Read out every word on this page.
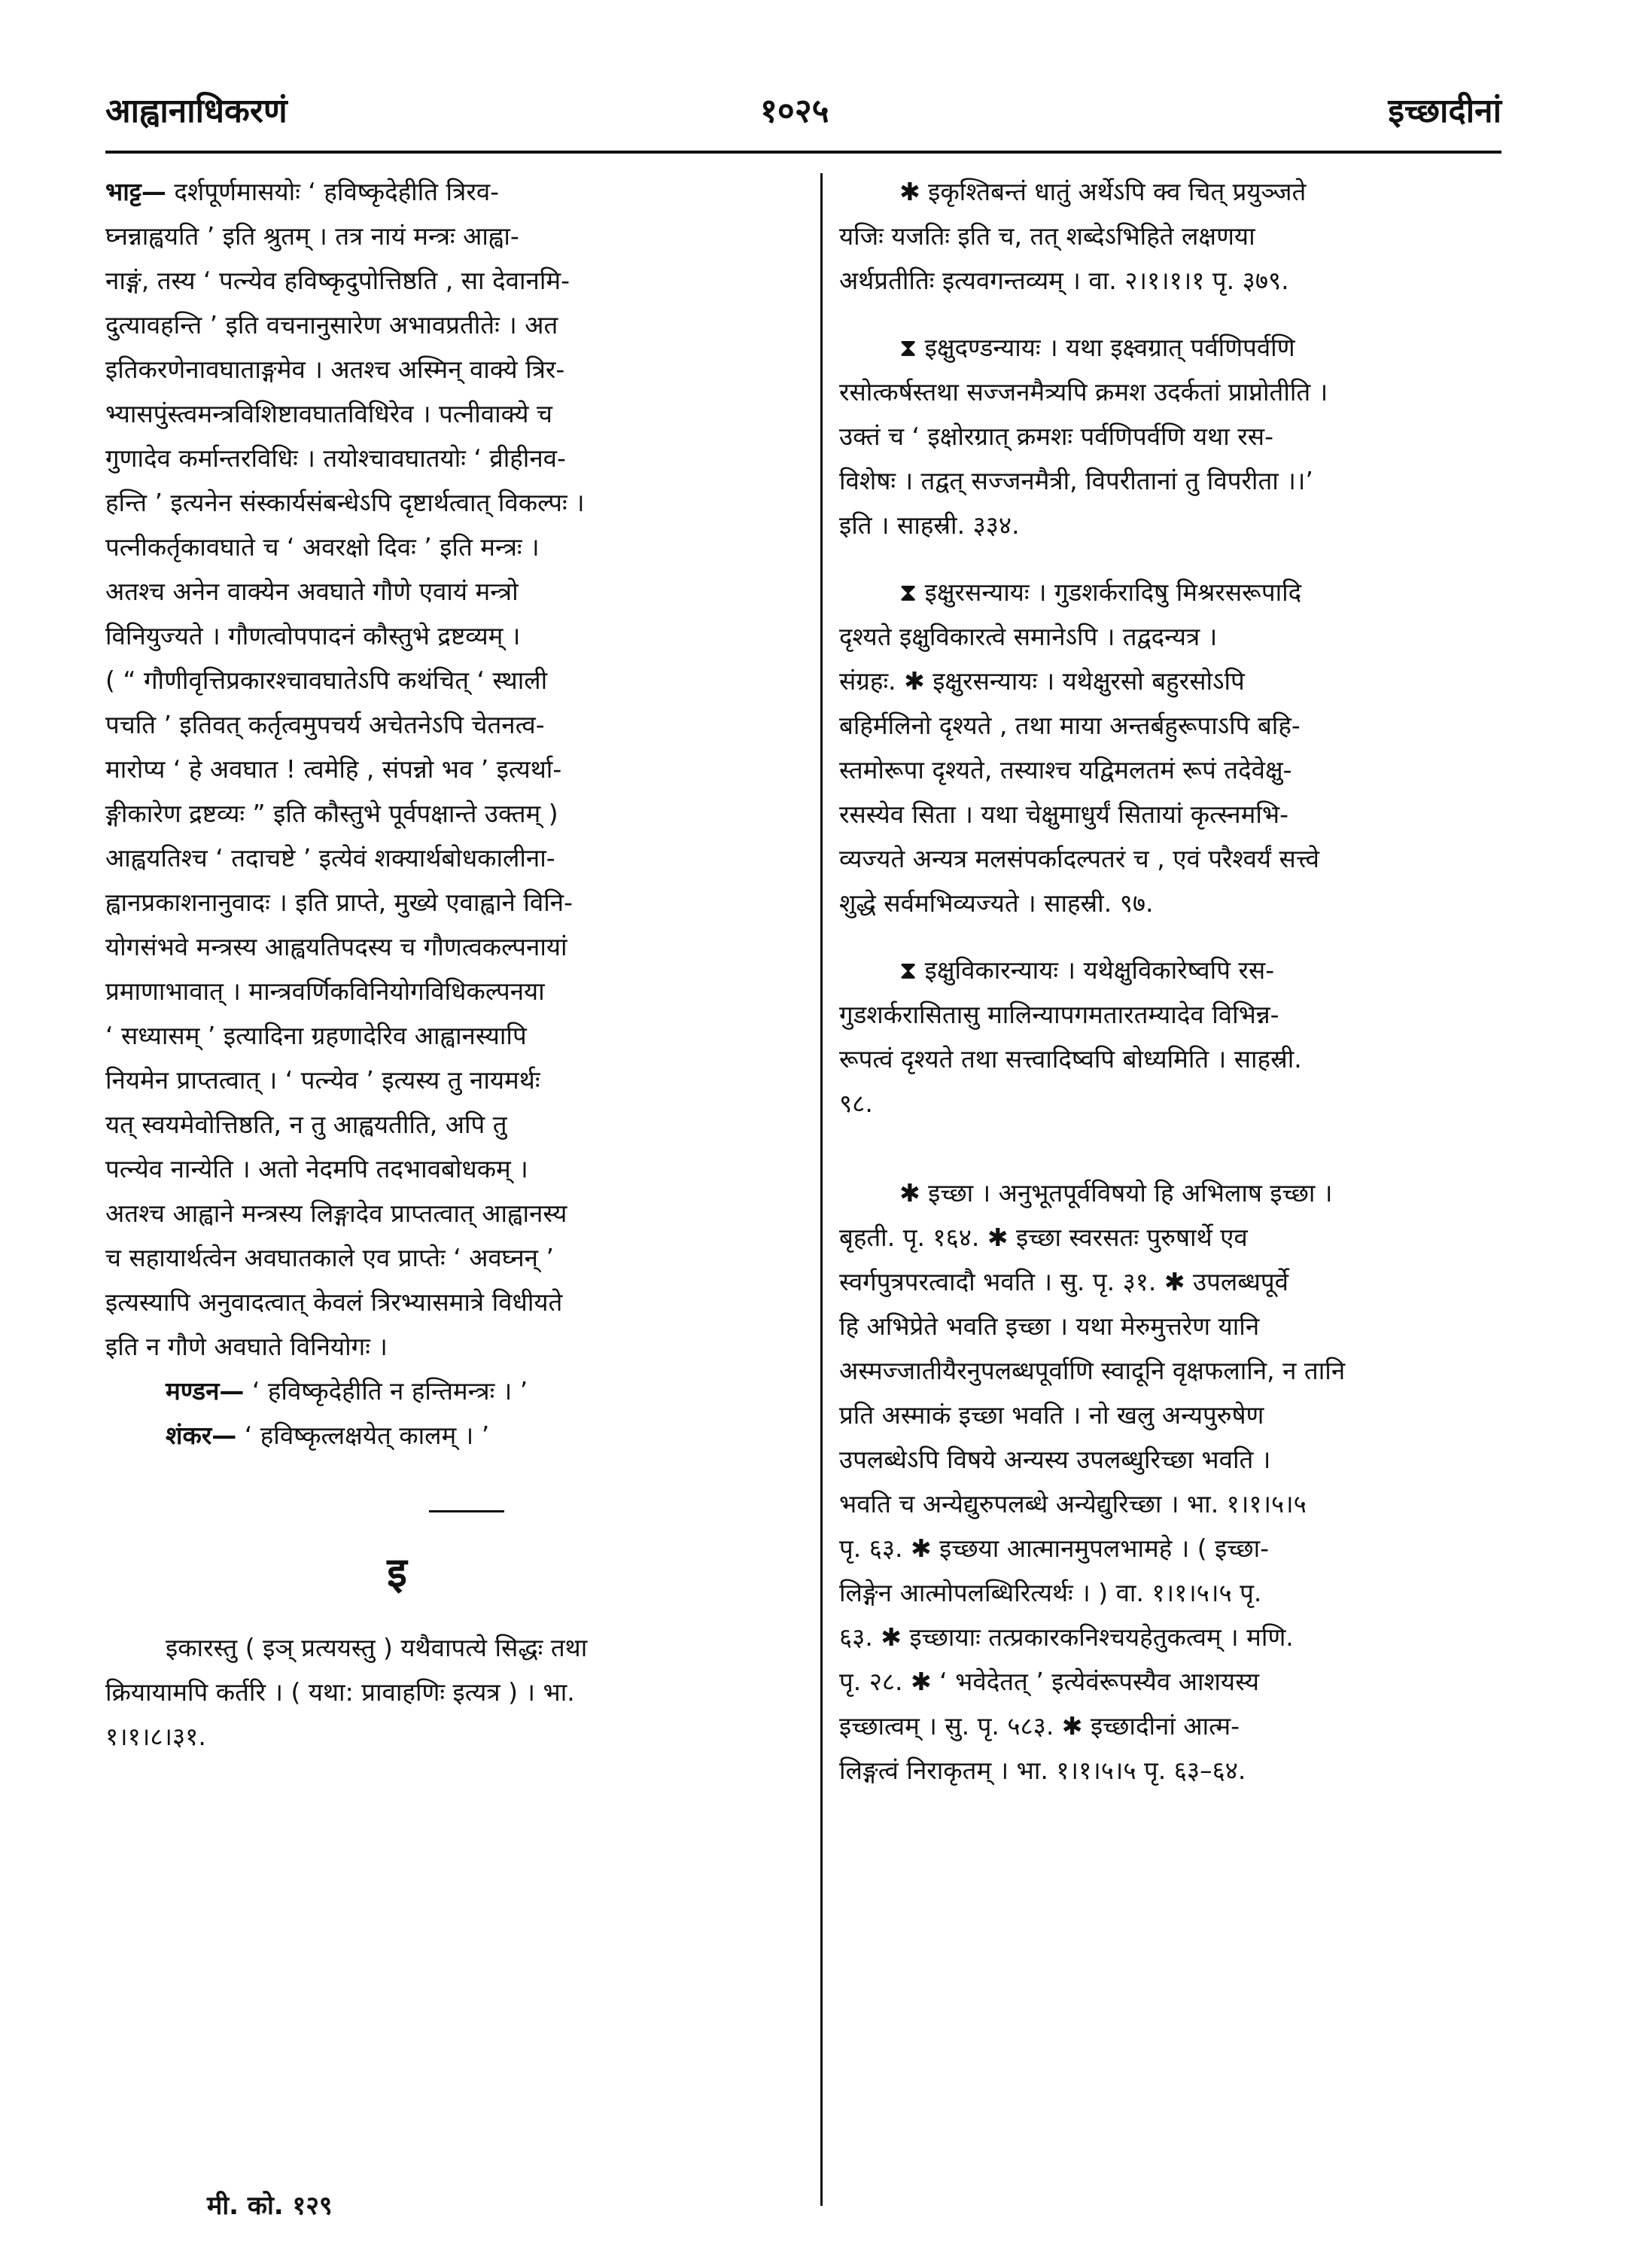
आह्वानाधिकरणं	१०२५	इच्छादीनां
भाट्ट— दर्शपूर्णमासयोः ‘ हविष्कृदेहीति त्रिरव-
घ्नन्नाह्वयति ’ इति श्रुतम् । तत्र नायं मन्त्रः आह्वा-
नाङ्गं, तस्य ‘ पत्न्येव हविष्कृदुपोत्तिष्ठति , सा देवानमि-
दुत्यावहन्ति ’ इति वचनानुसारेण अभावप्रतीतेः । अत
इतिकरणेनावघाताङ्गमेव । अतश्च अस्मिन् वाक्ये त्रिर-
भ्यासपुंस्त्वमन्त्रविशिष्टावघातविधिरेव । पत्नीवाक्ये च
गुणादेव कर्मान्तरविधिः । तयोश्चावघातयोः ‘ व्रीहीनव-
हन्ति ’ इत्यनेन संस्कार्यसंबन्धेऽपि दृष्टार्थत्वात् विकल्पः ।
पत्नीकर्तृकावघाते च ‘ अवरक्षो दिवः ’ इति मन्त्रः ।
अतश्च अनेन वाक्येन अवघाते गौणे एवायं मन्त्रो
विनियुज्यते । गौणत्वोपपादनं कौस्तुभे द्रष्टव्यम् ।
( “ गौणीवृत्तिप्रकारश्चावघातेऽपि कथंचित् ‘ स्थाली
पचति ’ इतिवत् कर्तृत्वमुपचर्य अचेतनेऽपि चेतनत्व-
मारोप्य ‘ हे अवघात ! त्वमेहि , संपन्नो भव ’ इत्यर्था-
ङ्गीकारेण द्रष्टव्यः ” इति कौस्तुभे पूर्वपक्षान्ते उक्तम् )
आह्वयतिश्च ‘ तदाचष्टे ’ इत्येवं शक्यार्थबोधकालीना-
ह्वानप्रकाशनानुवादः । इति प्राप्ते, मुख्ये एवाह्वाने विनि-
योगसंभवे मन्त्रस्य आह्वयतिपदस्य च गौणत्वकल्पनायां
प्रमाणाभावात् । मान्त्रवर्णिकविनियोगविधिकल्पनया
‘ सध्यासम् ’ इत्यादिना ग्रहणादेरिव आह्वानस्यापि
नियमेन प्राप्तत्वात् । ‘ पत्न्येव ’ इत्यस्य तु नायमर्थः
यत् स्वयमेवोत्तिष्ठति, न तु आह्वयतीति, अपि तु
पत्न्येव नान्येति । अतो नेदमपि तदभावबोधकम् ।
अतश्च आह्वाने मन्त्रस्य लिङ्गादेव प्राप्तत्वात् आह्वानस्य
च सहायार्थत्वेन अवघातकाले एव प्राप्तेः ‘ अवघ्नन् ’
इत्यस्यापि अनुवादत्वात् केवलं त्रिरभ्यासमात्रे विधीयते
इति न गौणे अवघाते विनियोगः ।
मण्डन— ‘ हविष्कृदेहीति न हन्तिमन्त्रः । ’
शंकर— ‘ हविष्कृत्लक्षयेत् कालम् । ’
इ
इकारस्तु ( इञ् प्रत्ययस्तु ) यथैवापत्ये सिद्धः तथा
क्रियायामपि कर्तरि । ( यथा: प्रावाहणिः इत्यत्र ) । भा.
१।१।८।३१.
✱ इकृश्तिबन्तं धातुं अर्थेऽपि क्व चित् प्रयुञ्जते
यजिः यजतिः इति च, तत् शब्देऽभिहिते लक्षणया
अर्थप्रतीतिः इत्यवगन्तव्यम् । वा. २।१।१।१ पृ. ३७९.
⧗ इक्षुदण्डन्यायः । यथा इक्ष्वग्रात् पर्वणिपर्वणि
रसोत्कर्षस्तथा सज्जनमैत्र्यपि क्रमश उदर्कतां प्राप्नोतीति ।
उक्तं च ‘ इक्षोरग्रात् क्रमशः पर्वणिपर्वणि यथा रस-
विशेषः । तद्वत् सज्जनमैत्री, विपरीतानां तु विपरीता ।।’
इति । साहस्री. ३३४.
⧗ इक्षुरसन्यायः । गुडशर्करादिषु मिश्ररसरूपादि
दृश्यते इक्षुविकारत्वे समानेऽपि । तद्वदन्यत्र ।
संग्रहः. ✱ इक्षुरसन्यायः । यथेक्षुरसो बहुरसोऽपि
बहिर्मलिनो दृश्यते , तथा माया अन्तर्बहुरूपाऽपि बहि-
स्तमोरूपा दृश्यते, तस्याश्च यद्विमलतमं रूपं तदेवेक्षु-
रसस्येव सिता । यथा चेक्षुमाधुर्यं सितायां कृत्स्नमभि-
व्यज्यते अन्यत्र मलसंपर्कादल्पतरं च , एवं परैश्वर्यं सत्त्वे
शुद्धे सर्वमभिव्यज्यते । साहस्री. ९७.
⧗ इक्षुविकारन्यायः । यथेक्षुविकारेष्वपि रस-
गुडशर्करासितासु मालिन्यापगमतारतम्यादेव विभिन्न-
रूपत्वं दृश्यते तथा सत्त्वादिष्वपि बोध्यमिति । साहस्री.
९८.
✱ इच्छा । अनुभूतपूर्वविषयो हि अभिलाष इच्छा ।
बृहती. पृ. १६४. ✱ इच्छा स्वरसतः पुरुषार्थे एव
स्वर्गपुत्रपरत्वादौ भवति । सु. पृ. ३१. ✱ उपलब्धपूर्वे
हि अभिप्रेते भवति इच्छा । यथा मेरुमुत्तरेण यानि
अस्मज्जातीयैरनुपलब्धपूर्वाणि स्वादूनि वृक्षफलानि, न तानि
प्रति अस्माकं इच्छा भवति । नो खलु अन्यपुरुषेण
उपलब्धेऽपि विषये अन्यस्य उपलब्धुरिच्छा भवति ।
भवति च अन्येद्युरुपलब्धे अन्येद्युरिच्छा । भा. १।१।५।५
पृ. ६३. ✱ इच्छया आत्मानमुपलभामहे । ( इच्छा-
लिङ्गेन आत्मोपलब्धिरित्यर्थः । ) वा. १।१।५।५ पृ.
६३. ✱ इच्छायाः तत्प्रकारकनिश्चयहेतुकत्वम् । मणि.
पृ. २८. ✱ ‘ भवेदेतत् ’ इत्येवंरूपस्यैव आशयस्य
इच्छात्वम् । सु. पृ. ५८३. ✱ इच्छादीनां आत्म-
लिङ्गत्वं निराकृतम् । भा. १।१।५।५ पृ. ६३–६४.
मी. को. १२९
